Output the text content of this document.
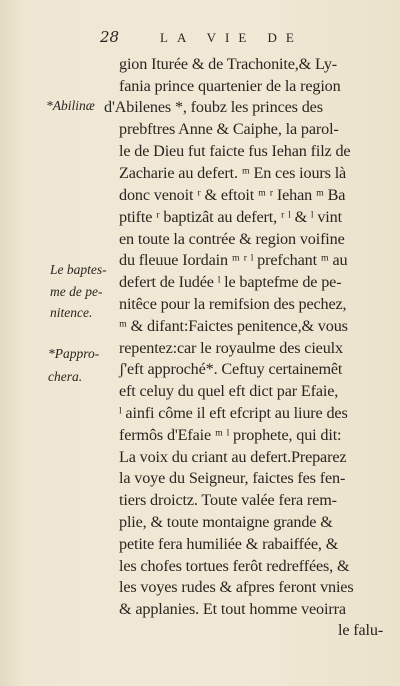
28	LA VIE DE
*Abilinæ
Le baptes-
me de pe-
nitence.
*Pappro-
chera.
gion Iturée & de Trachonite,& Ly-
fania prince quartenier de la region
d'Abilenes *, foubz les princes des
prebftres Anne & Caiphe, la parol-
le de Dieu fut faicte fus Iehan filz de
Zacharie au defert. ᵐ En ces iours là
donc venoit ʳ & eftoit ᵐ ʳ Iehan ᵐ Ba
ptifte ʳ baptizât au defert, ʳ ˡ & ˡ vint
en toute la contrée & region voifine
du fleuue Iordain ᵐ ʳ ˡ prefchant ᵐ au
defert de Iudée ˡ le baptefme de pe-
nitêce pour la remifsion des pechez,
ᵐ & difant:Faictes penitence,& vous
repentez:car le royaulme des cieulx
ʃ'eft approché*. Ceftuy certainemêt
eft celuy du quel eft dict par Efaie,
ˡ ainfi côme il eft efcript au liure des
fermôs d'Efaie ᵐ ˡ prophete, qui dit:
La voix du criant au defert.Preparez
la voye du Seigneur, faictes fes fen-
tiers droictz. Toute valée fera rem-
plie, & toute montaigne grande &
petite fera humiliée & rabaiffée, &
les chofes tortues ferôt redreffées, &
les voyes rudes & afpres feront vnies
& applanies. Et tout homme veoirra
le falu-
